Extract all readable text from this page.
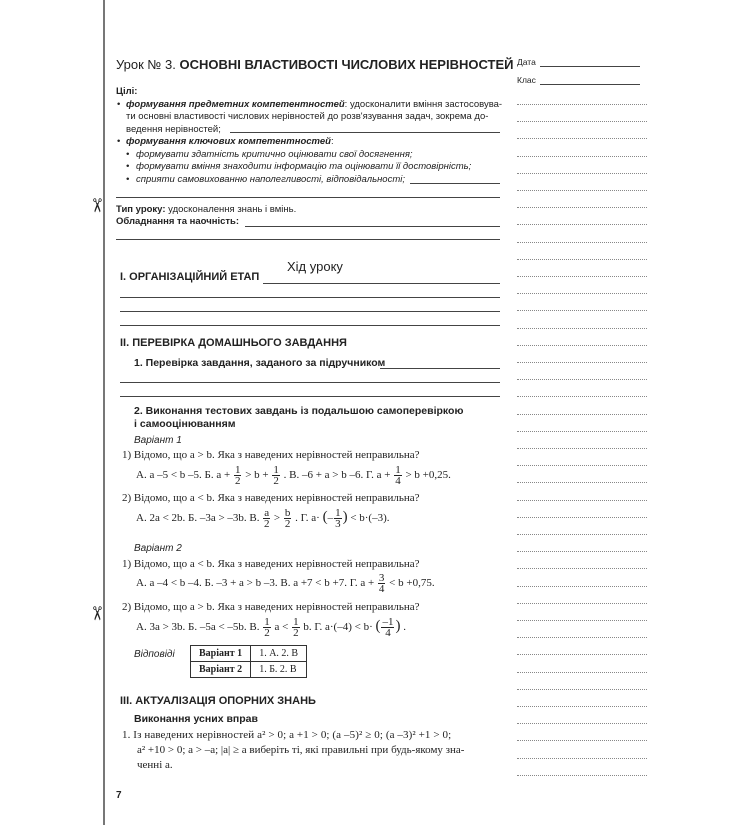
✂
✂
Урок № 3. ОСНОВНІ ВЛАСТИВОСТІ ЧИСЛОВИХ НЕРІВНОСТЕЙ Дата
Клас
Цілі:
• формування предметних компетентностей: удосконалити вміння застосовува-
ти основні властивості числових нерівностей до розв'язування задач, зокрема до-
ведення нерівностей;
• формування ключових компетентностей:
• формувати здатність критично оцінювати свої досягнення;
• формувати вміння знаходити інформацію та оцінювати її достовірність;
• сприяти самовихованню наполегливості, відповідальності;
Тип уроку: удосконалення знань і вмінь.
Обладнання та наочність:
Хід уроку
I. ОРГАНІЗАЦІЙНИЙ ЕТАП
II. ПЕРЕВІРКА ДОМАШНЬОГО ЗАВДАННЯ
1. Перевірка завдання, заданого за підручником
2. Виконання тестових завдань із подальшою самоперевіркою
і самооцінюванням
Варіант 1
1) Відомо, що a > b. Яка з наведених нерівностей неправильна?
А. a –5 < b –5. Б. $a + \frac{1}{2} > b + \frac{1}{2}$ . В. –6 + a > b –6. Г. $a + \frac{1}{4} > b +0,25$.
2) Відомо, що a < b. Яка з наведених нерівностей неправильна?
А. 2a < 2b. Б. –3a > –3b. В. $\frac{a}{2} > \frac{b}{2}$ . Г. a· (– $\frac{1}{3}$ ) < b·(–3).
Варіант 2
1) Відомо, що a < b. Яка з наведених нерівностей неправильна?
А. a –4 < b –4. Б. –3 + a > b –3. В. a +7 < b +7. Г. $a + \frac{3}{4} < b +0,75$.
2) Відомо, що a > b. Яка з наведених нерівностей неправильна?
А. 3a > 3b. Б. –5a < –5b. В. $\frac{1}{2}$ $a < \frac{1}{2} b$. Г. a·(–4) < b· ( $\frac{-1}{4}$ ) .
Відповіді Варіант 1	1. А. 2. В
Варіант 2	1. Б. 2. В
III. АКТУАЛІЗАЦІЯ ОПОРНИХ ЗНАНЬ
Виконання усних вправ
1. Із наведених нерівностей a² > 0; a +1 > 0; (a –5)² ≥ 0; (a –3)² +1 > 0;
a² +10 > 0; a > –a; |a| ≥ a виберіть ті, які правильні при будь-якому зна-
ченні a.
7
